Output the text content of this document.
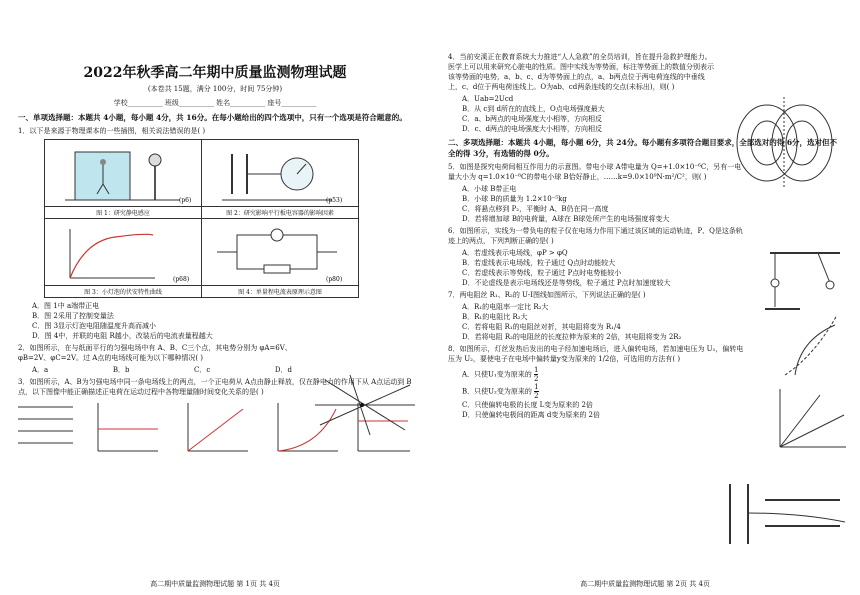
2022年秋季高二年期中质量监测物理试题
(本卷共 15题，满分 100分，时间 75分钟)
学校__________ 班级__________ 姓名__________ 座号__________
一、单项选择题：本题共 4小题，每小题 4分，共 16分。在每小题给出的四个选项中，只有一个选项是符合题意的。
1．以下是来源于物理课本的一些插图，相关说法错误的是( )
(p6)	(p53)

图 1：研究静电感应	图 2：研究影响平行板电容器的影响因素

(p68)	(p80)

图 3：小灯泡的伏安特性曲线	图 4：单量程电流表原理示意图
A．图 1中 a端带正电
B．图 2采用了控制变量法
C．图 3显示灯泡电阻随温度升高而减小
D．图 4中，并联的电阻 R越小，改装后的电流表量程越大
2．如图所示，在与纸面平行的匀强电场中有 A、B、C三个点，其电势分别为 φA=6V、φB=2V、φC=2V。过 A点的电场线可能为以下哪种情况( )
A．a	B．b	C．c	D．d
3．如图所示，A、B为匀强电场中同一条电场线上的两点，一个正电荷从 A点由静止释放，仅在静电力的作用下从 A点运动到 B点，以下图像中能正确描述正电荷在运动过程中各物理量随时间变化关系的是( )
高二期中质量监测物理试题 第 1页 共 4页
4．当前安溪正在教育系统大力推进“人人急救”的全员培训，旨在提升急救护理能力。医学上可以用来研究心脏电的性质。图中实线为等势面，标注等势面上的数值分别表示该等势面的电势，a、b、c、d为等势面上的点，a、b两点位于两电荷连线的中垂线上，c、d位于两电荷连线上。O为ab、cd两条连线的交点(未标出)，则( )
A．Uab=2Ucd
B．从 c到 d所在的直线上，O点电场强度最大
C．a、b两点的电场强度大小相等，方向相反
D．c、d两点的电场强度大小相等，方向相反
二、多项选择题：本题共 4小题，每小题 6分，共 24分。每小题有多项符合题目要求，全部选对的得 6分，选对但不全的得 3分，有选错的得 0分。
5．如图是探究电荷间相互作用力的示意图。带电小球 A带电量为 Q=+1.0×10⁻⁶C，另有一电量大小为 q=1.0×10⁻⁸C的带电小球 B恰好静止，……k=9.0×10⁹N·m²/C²，则( )
A．小球 B带正电
B．小球 B的质量为 1.2×10⁻⁵kg
C．将悬点移到 P₂，平衡时 A、B仍在同一高度
D．若将增加球 B的电荷量，A球在 B球处所产生的电场强度将变大
6．如图所示，实线为一带负电的粒子仅在电场力作用下通过该区域的运动轨迹，P、Q是这条轨迹上的两点，下列判断正确的是( )
A．若虚线表示电场线，φP > φQ
B．若虚线表示电场线，粒子通过 Q点时动能较大
C．若虚线表示等势线，粒子通过 P点时电势能较小
D．不论虚线是表示电场线还是等势线，粒子通过 P点时加速度较大
7．两电阻丝 R₁、R₂的 U-I图线如图所示，下列说法正确的是( )
A．R₁的电阻率一定比 R₂大
B．R₁的电阻比 R₂大
C．若将电阻 R₁的电阻丝对折，其电阻将变为 R₁/4
D．若将电阻 R₂的电阻丝的长度拉伸为原来的 2倍，其电阻将变为 2R₂
8．如图所示，灯丝发热后发出的电子经加速电场后，进入偏转电场，若加速电压为 U₁，偏转电压为 U₂，要使电子在电场中偏转量y变为原来的 1/2倍，可选用的方法有( )
A．只使U₁变为原来的 $\frac{1}{2}$
B．只使U₂变为原来的 $\frac{1}{2}$
C．只使偏转电极的长度 L变为原来的 2倍
D．只使偏转电极间的距离 d变为原来的 2倍
高二期中质量监测物理试题 第 2页 共 4页
